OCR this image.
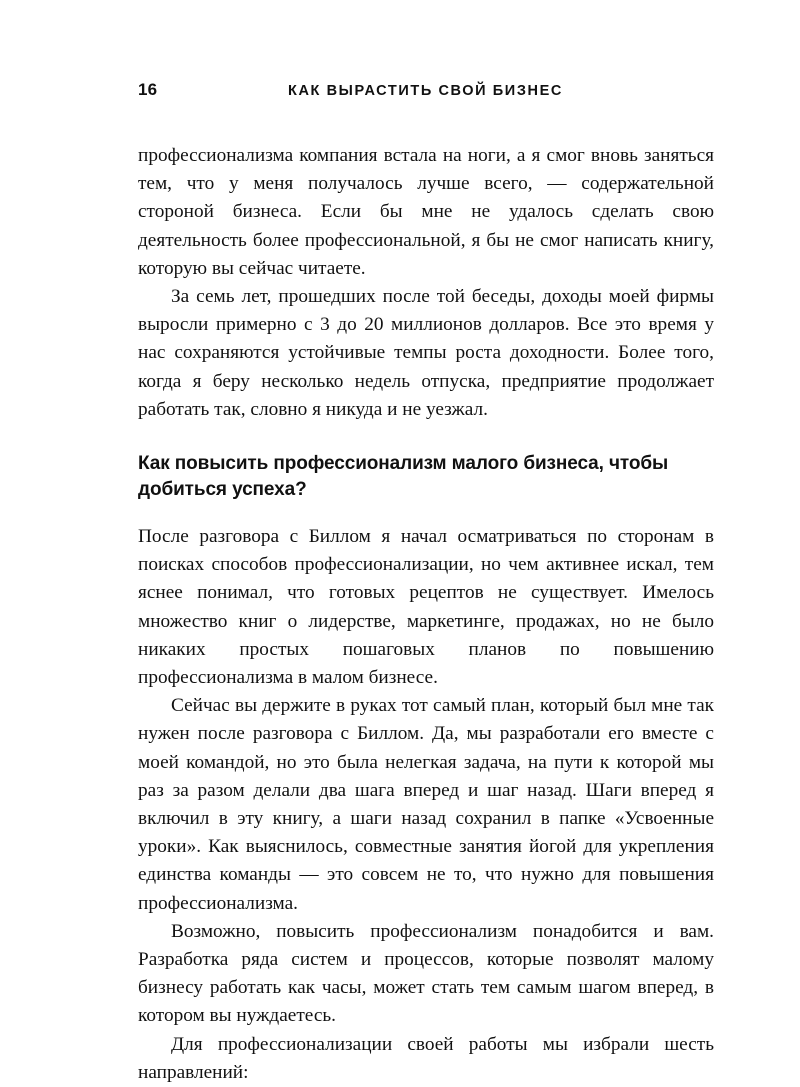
16	КАК ВЫРАСТИТЬ СВОЙ БИЗНЕС

профессионализма компания встала на ноги, а я смог вновь заняться тем, что у меня получалось лучше всего, — содержательной стороной бизнеса. Если бы мне не удалось сделать свою деятельность более профессиональной, я бы не смог написать книгу, которую вы сейчас читаете.

За семь лет, прошедших после той беседы, доходы моей фирмы выросли примерно с 3 до 20 миллионов долларов. Все это время у нас сохраняются устойчивые темпы роста доходности. Более того, когда я беру несколько недель отпуска, предприятие продолжает работать так, словно я никуда и не уезжал.

Как повысить профессионализм малого бизнеса, чтобы добиться успеха?

После разговора с Биллом я начал осматриваться по сторонам в поисках способов профессионализации, но чем активнее искал, тем яснее понимал, что готовых рецептов не существует. Имелось множество книг о лидерстве, маркетинге, продажах, но не было никаких простых пошаговых планов по повышению профессионализма в малом бизнесе.

Сейчас вы держите в руках тот самый план, который был мне так нужен после разговора с Биллом. Да, мы разработали его вместе с моей командой, но это была нелегкая задача, на пути к которой мы раз за разом делали два шага вперед и шаг назад. Шаги вперед я включил в эту книгу, а шаги назад сохранил в папке «Усвоенные уроки». Как выяснилось, совместные занятия йогой для укрепления единства команды — это совсем не то, что нужно для повышения профессионализма.

Возможно, повысить профессионализм понадобится и вам. Разработка ряда систем и процессов, которые позволят малому бизнесу работать как часы, может стать тем самым шагом вперед, в котором вы нуждаетесь.

Для профессионализации своей работы мы избрали шесть направлений:
